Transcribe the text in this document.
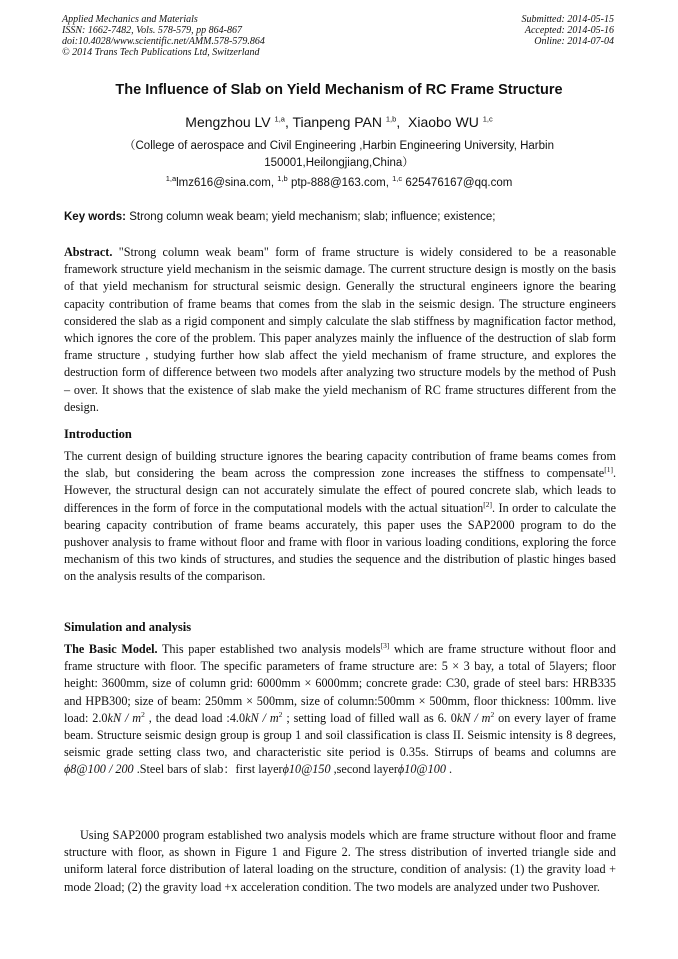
Applied Mechanics and Materials
ISSN: 1662-7482, Vols. 578-579, pp 864-867
doi:10.4028/www.scientific.net/AMM.578-579.864
© 2014 Trans Tech Publications Ltd, Switzerland
Submitted: 2014-05-15
Accepted: 2014-05-16
Online: 2014-07-04
The Influence of Slab on Yield Mechanism of RC Frame Structure
Mengzhou LV $^{1,a}$, Tianpeng PAN $^{1,b}$,  Xiaobo WU $^{1,c}$
（College of aerospace and Civil Engineering ,Harbin Engineering University, Harbin 150001,Heilongjiang,China）
$^{1,a}$lmz616@sina.com, $^{1,b}$ ptp-888@163.com, $^{1,c}$ 625476167@qq.com
Key words: Strong column weak beam; yield mechanism; slab; influence; existence;
Abstract. "Strong column weak beam" form of frame structure is widely considered to be a reasonable framework structure yield mechanism in the seismic damage. The current structure design is mostly on the basis of that yield mechanism for structural seismic design. Generally the structural engineers ignore the bearing capacity contribution of frame beams that comes from the slab in the seismic design. The structure engineers considered the slab as a rigid component and simply calculate the slab stiffness by magnification factor method, which ignores the core of the problem. This paper analyzes mainly the influence of the destruction of slab form frame structure , studying further how slab affect the yield mechanism of frame structure, and explores the destruction form of difference between two models after analyzing two structure models by the method of Push – over. It shows that the existence of slab make the yield mechanism of RC frame structures different from the design.
Introduction
The current design of building structure ignores the bearing capacity contribution of frame beams comes from the slab, but considering the beam across the compression zone increases the stiffness to compensate[1]. However, the structural design can not accurately simulate the effect of poured concrete slab, which leads to differences in the form of force in the computational models with the actual situation[2]. In order to calculate the bearing capacity contribution of frame beams accurately, this paper uses the SAP2000 program to do the pushover analysis to frame without floor and frame with floor in various loading conditions, exploring the force mechanism of this two kinds of structures, and studies the sequence and the distribution of plastic hinges based on the analysis results of the comparison.
Simulation and analysis
The Basic Model. This paper established two analysis models[3] which are frame structure without floor and frame structure with floor. The specific parameters of frame structure are: 5 × 3 bay, a total of 5layers; floor height: 3600mm, size of column grid: 6000mm × 6000mm; concrete grade: C30, grade of steel bars: HRB335 and HPB300; size of beam: 250mm × 500mm, size of column:500mm × 500mm, floor thickness: 100mm. live load: $2.0kN / m^2$ , the dead load :4.0kN / $m^2$ ; setting load of filled wall as 6. $0kN / m^2$ on every layer of frame beam. Structure seismic design group is group 1 and soil classification is class II. Seismic intensity is 8 degrees, seismic grade setting class two, and characteristic site period is 0.35s. Stirrups of beams and columns are ϕ8@100 / 200 .Steel bars of slab：first layerϕ10@150 ,second layerϕ10@100 .
Using SAP2000 program established two analysis models which are frame structure without floor and frame structure with floor, as shown in Figure 1 and Figure 2. The stress distribution of inverted triangle side and uniform lateral force distribution of lateral loading on the structure, condition of analysis: (1) the gravity load + mode 2load; (2) the gravity load +x acceleration condition. The two models are analyzed under two Pushover.
